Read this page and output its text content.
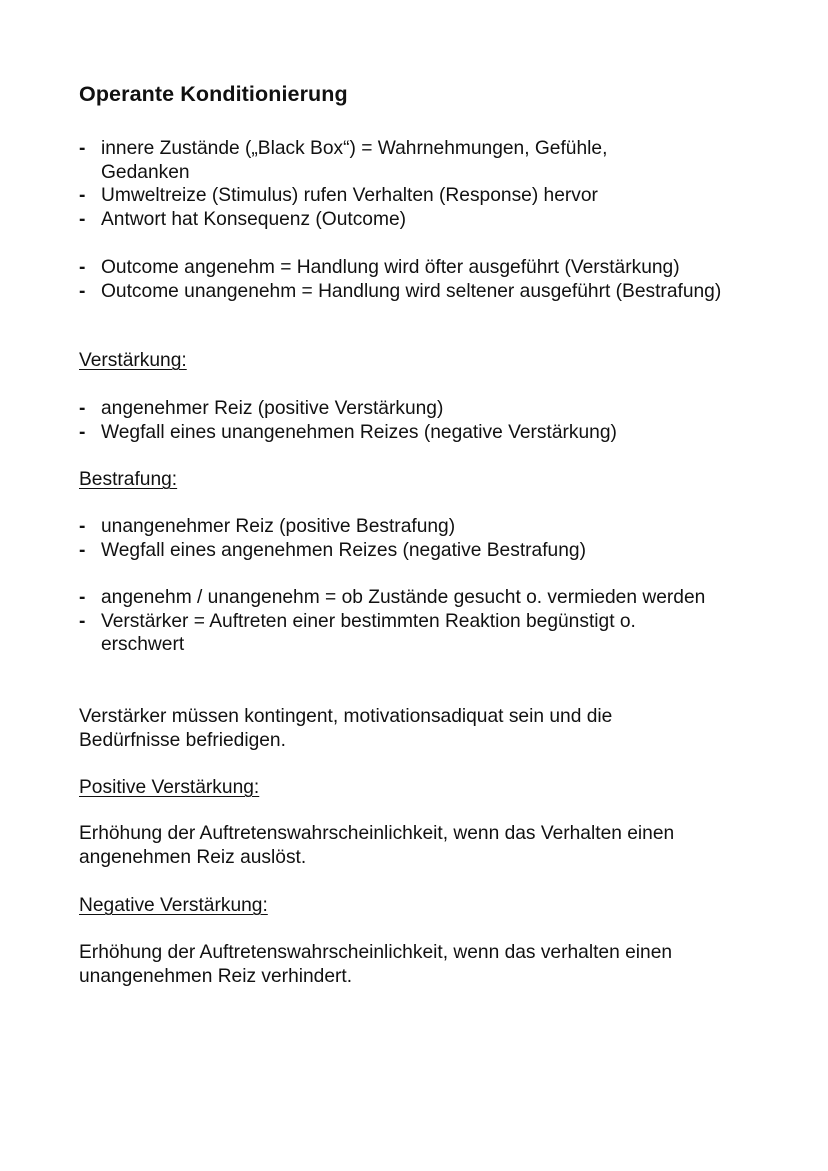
Operante Konditionierung
- innere Zustände („Black Box“) = Wahrnehmungen, Gefühle, Gedanken
- Umweltreize (Stimulus) rufen Verhalten (Response) hervor
- Antwort hat Konsequenz (Outcome)
- Outcome angenehm = Handlung wird öfter ausgeführt (Verstärkung)
- Outcome unangenehm = Handlung wird seltener ausgeführt (Bestrafung)
Verstärkung:
- angenehmer Reiz (positive Verstärkung)
- Wegfall eines unangenehmen Reizes (negative Verstärkung)
Bestrafung:
- unangenehmer Reiz (positive Bestrafung)
- Wegfall eines angenehmen Reizes (negative Bestrafung)
- angenehm / unangenehm = ob Zustände gesucht o. vermieden werden
- Verstärker = Auftreten einer bestimmten Reaktion begünstigt o. erschwert

Verstärker müssen kontingent, motivationsadiquat sein und die Bedürfnisse befriedigen.

Positive Verstärkung:

Erhöhung der Auftretenswahrscheinlichkeit, wenn das Verhalten einen angenehmen Reiz auslöst.

Negative Verstärkung:

Erhöhung der Auftretenswahrscheinlichkeit, wenn das verhalten einen unangenehmen Reiz verhindert.
